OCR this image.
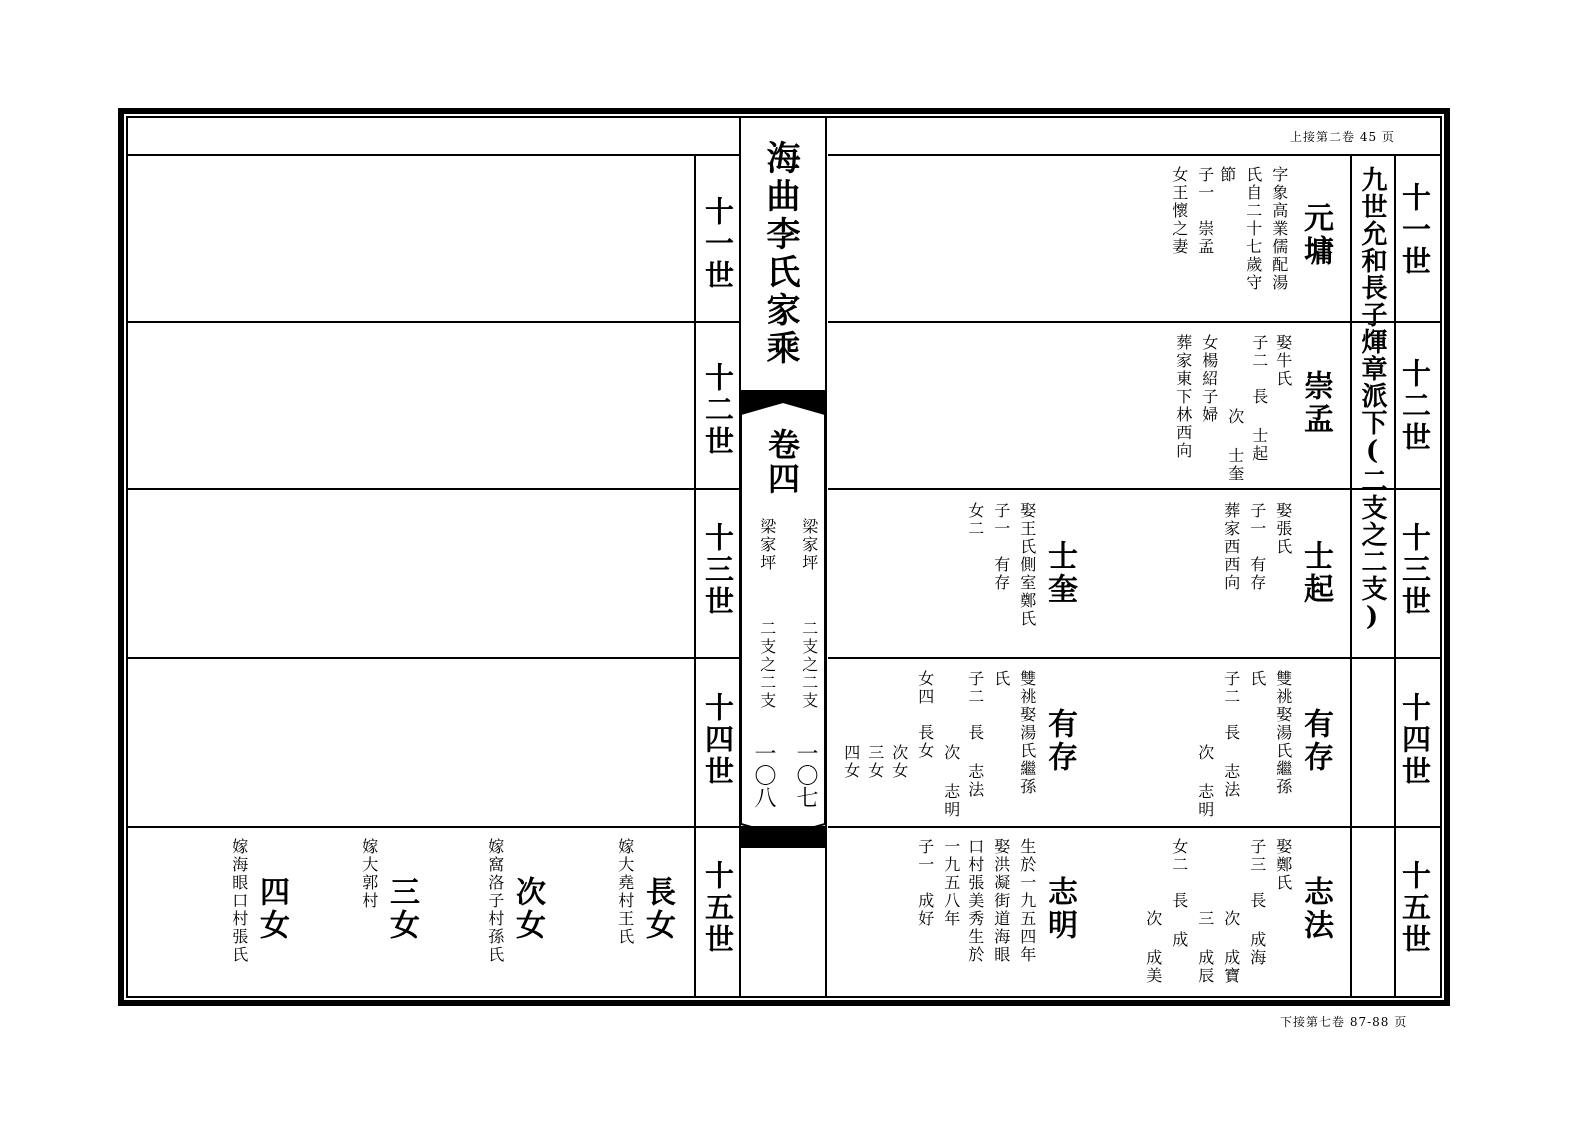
上接第二卷 45 页
下接第七卷 87-88 页
海曲李氏家乘
卷四
梁家坪
二支之二支
一〇七
梁家坪
二支之二支
一〇八
十一世
十二世
十三世
十四世
十五世
十一世
十二世
十三世
十四世
十五世
九世允和長子煇章派下(二支之二支)
元墉
字象高業儒配湯
氏自二十七歲守
節
子一　崇孟
女王懷之妻
崇孟
娶牛氏
子二　長 士起
次 士奎
女楊紹子婦
葬家東下林西向
士起
娶張氏
子一　有存
葬家西西向
士奎
娶王氏側室鄭氏
子一　有存
女二
有存
雙祧娶湯氏繼孫
氏
子二　長 志法
次 志明
有存
雙祧娶湯氏繼孫
氏
子二　長 志法
次 志明
女四　長女
次女
三女
四女
志法
娶鄭氏
子三　長 成海
次 成寶
三 成辰
女二　長 成
次 成美
志明
生於一九五四年
娶洪凝街道海眼
口村張美秀生於
一九五八年
子一　成好
長女
嫁大堯村王氏
次女
嫁窩洛子村孫氏
三女
嫁大郭村
四女
嫁海眼口村張氏
